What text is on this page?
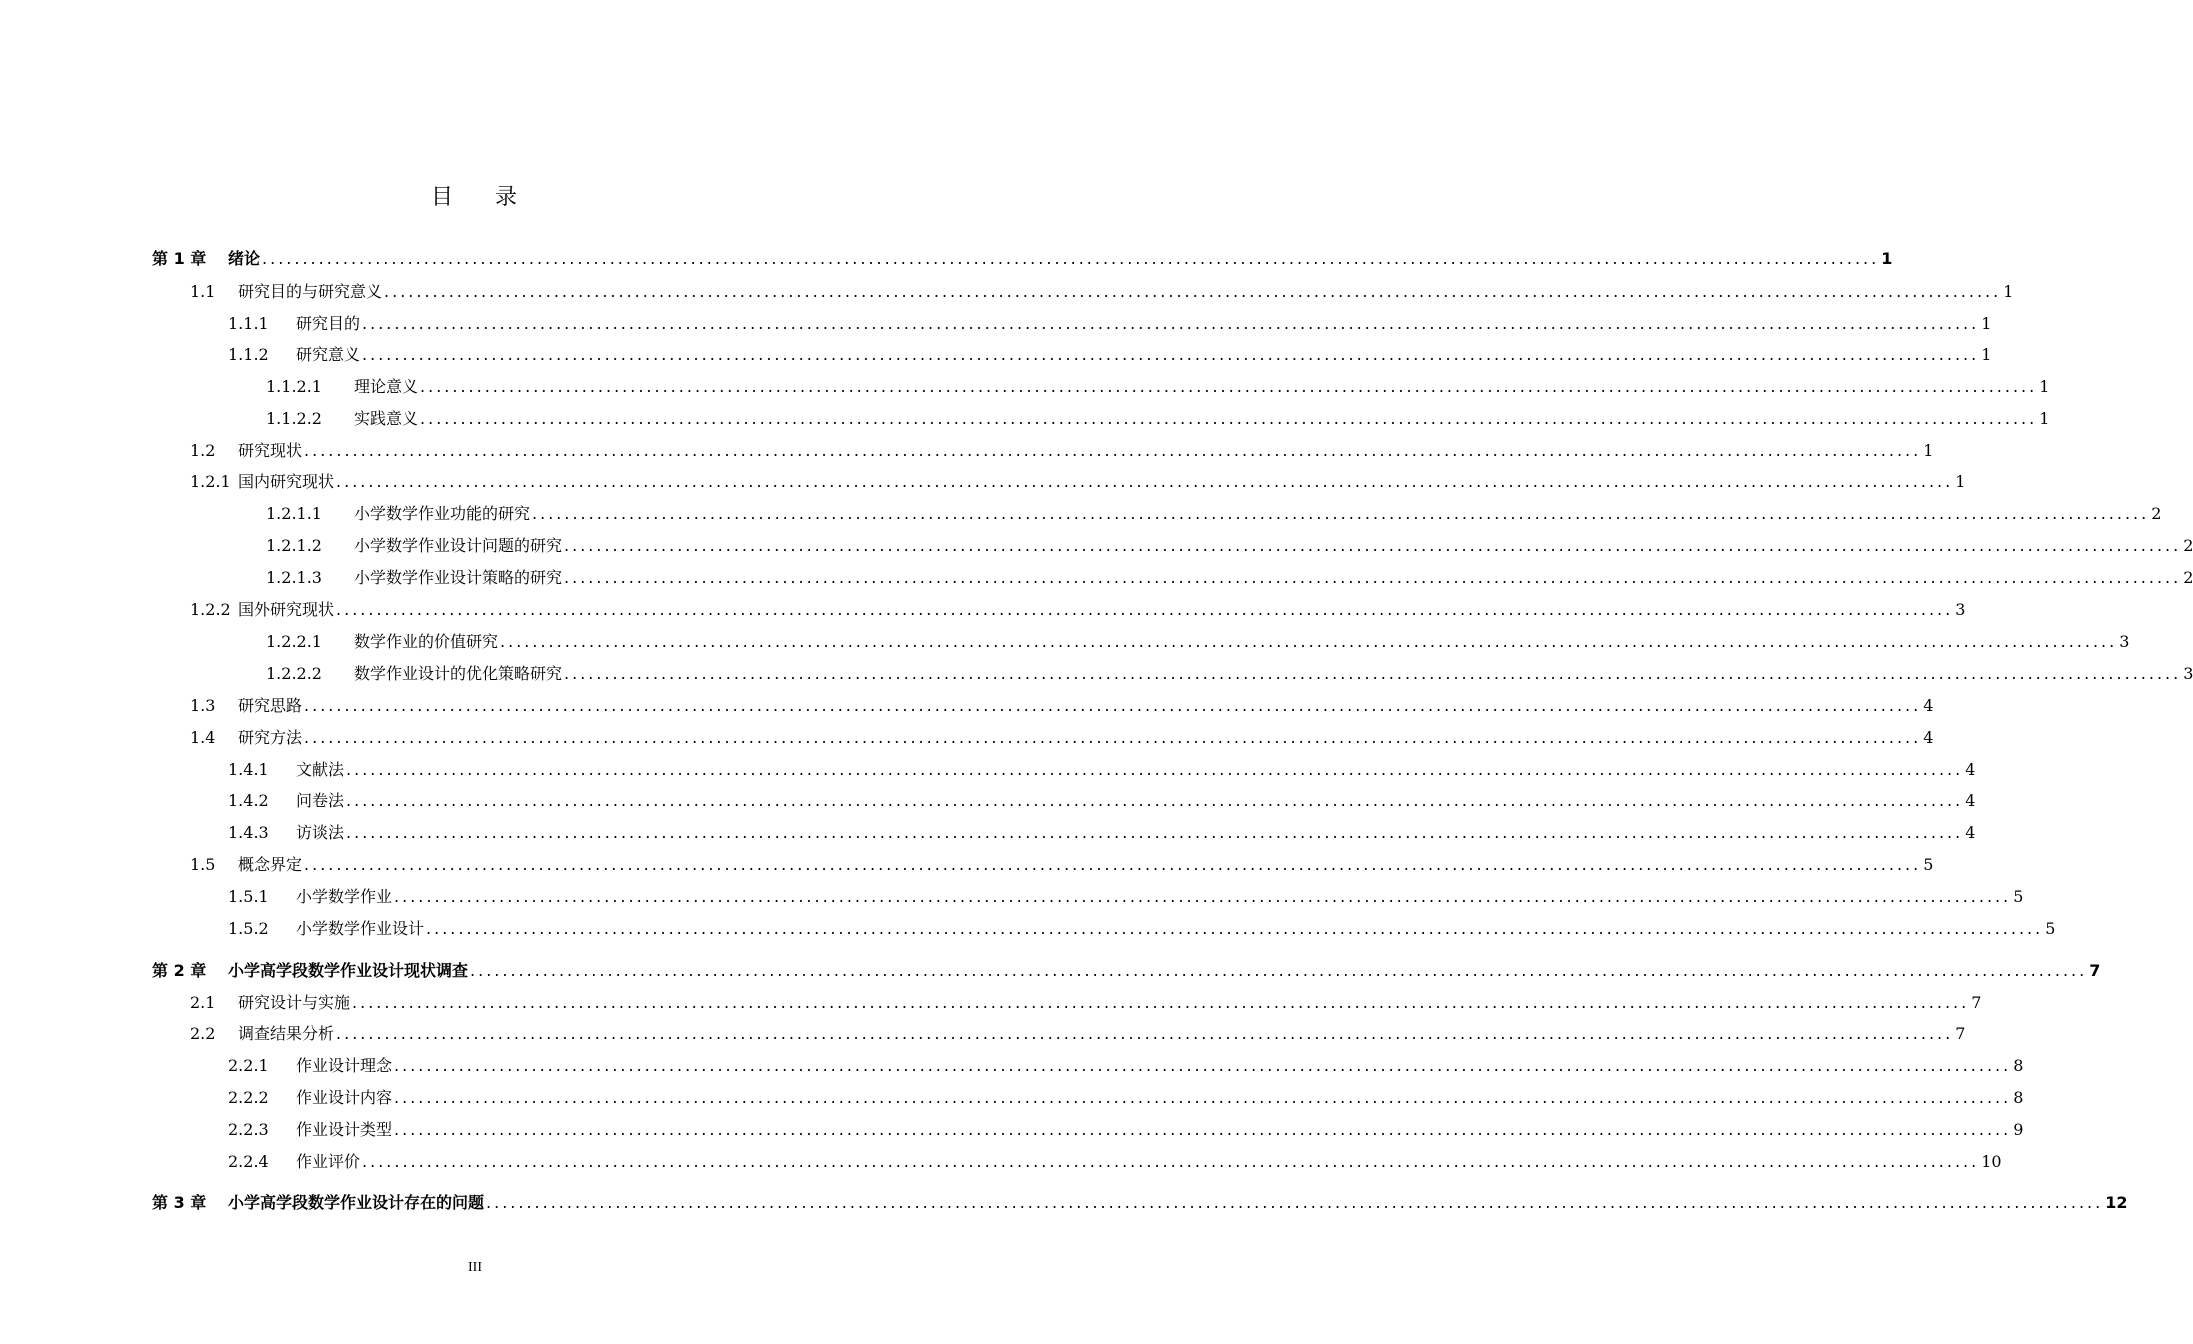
目 录
第 1 章	绪论 ........................................................................................................................................................................................................ 1
1.1	研究目的与研究意义 ........................................................................................................................................................................................................ 1
1.1.1	研究目的 ........................................................................................................................................................................................................ 1
1.1.2	研究意义 ........................................................................................................................................................................................................ 1
1.1.2.1	理论意义 ........................................................................................................................................................................................................ 1
1.1.2.2	实践意义 ........................................................................................................................................................................................................ 1
1.2	研究现状 ........................................................................................................................................................................................................ 1
1.2.1 国内研究现状 ........................................................................................................................................................................................................ 1
1.2.1.1	小学数学作业功能的研究 ........................................................................................................................................................................................................ 2
1.2.1.2	小学数学作业设计问题的研究 ........................................................................................................................................................................................................ 2
1.2.1.3	小学数学作业设计策略的研究 ........................................................................................................................................................................................................ 2
1.2.2 国外研究现状 ........................................................................................................................................................................................................ 3
1.2.2.1	数学作业的价值研究 ........................................................................................................................................................................................................ 3
1.2.2.2	数学作业设计的优化策略研究 ........................................................................................................................................................................................................ 3
1.3	研究思路 ........................................................................................................................................................................................................ 4
1.4	研究方法 ........................................................................................................................................................................................................ 4
1.4.1	文献法 ........................................................................................................................................................................................................ 4
1.4.2	问卷法 ........................................................................................................................................................................................................ 4
1.4.3	访谈法 ........................................................................................................................................................................................................ 4
1.5	概念界定 ........................................................................................................................................................................................................ 5
1.5.1	小学数学作业 ........................................................................................................................................................................................................ 5
1.5.2	小学数学作业设计 ........................................................................................................................................................................................................ 5
第 2 章	小学高学段数学作业设计现状调查 ........................................................................................................................................................................................................ 7
2.1	研究设计与实施 ........................................................................................................................................................................................................ 7
2.2	调查结果分析 ........................................................................................................................................................................................................ 7
2.2.1	作业设计理念 ........................................................................................................................................................................................................ 8
2.2.2	作业设计内容 ........................................................................................................................................................................................................ 8
2.2.3	作业设计类型 ........................................................................................................................................................................................................ 9
2.2.4	作业评价 ........................................................................................................................................................................................................ 10
第 3 章	小学高学段数学作业设计存在的问题 ........................................................................................................................................................................................................ 12
III
